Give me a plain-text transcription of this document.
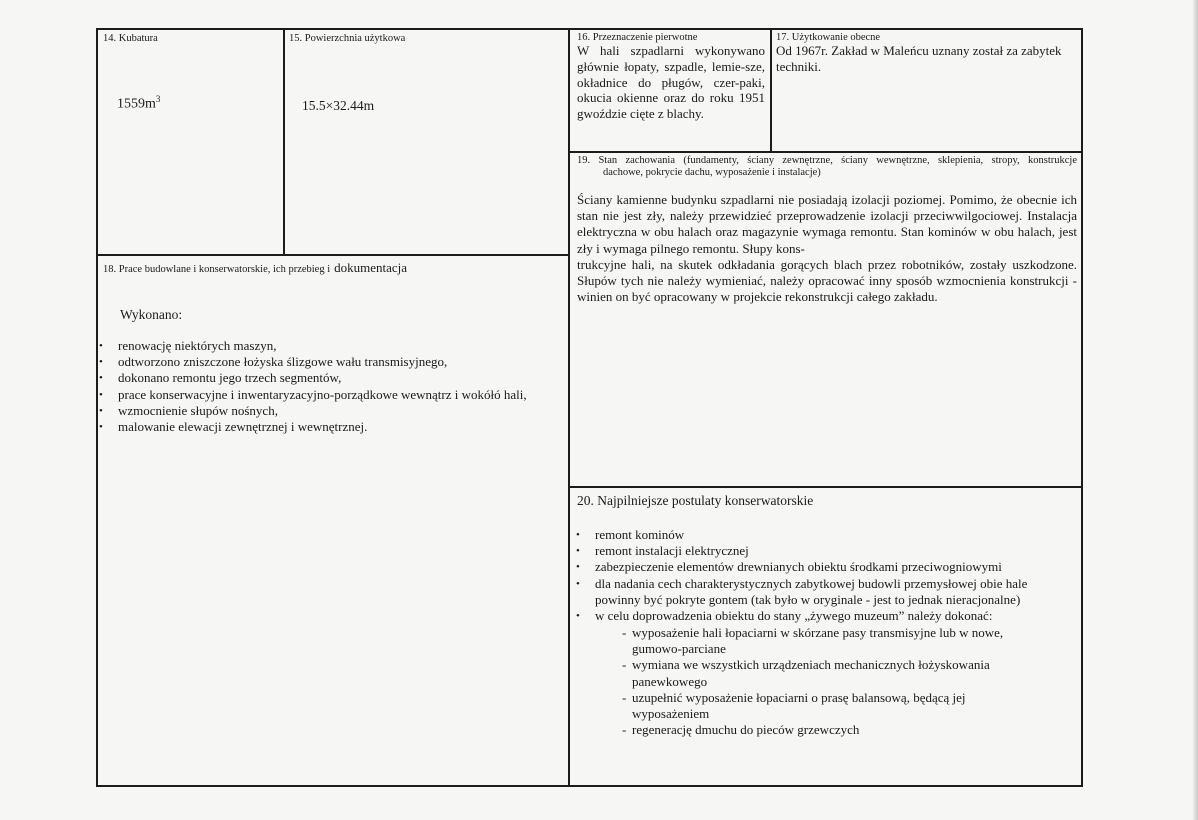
14. Kubatura
$1559m^3$
15. Powierzchnia użytkowa
15.5×32.44m
16. Przeznaczenie pierwotne
W hali szpadlarni wykonywano głównie łopaty, szpadle, lemie-sze, okładnice do pługów, czer-paki, okucia okienne oraz do roku 1951 gwoździe cięte z blachy.
17. Użytkowanie obecne
Od 1967r. Zakład w Maleńcu uznany został za zabytek techniki.
19. Stan zachowania (fundamenty, ściany zewnętrzne, ściany wewnętrzne, sklepienia, stropy, konstrukcje
dachowe, pokrycie dachu, wyposażenie i instalacje)
Ściany kamienne budynku szpadlarni nie posiadają izolacji poziomej. Pomimo, że obecnie ich stan nie jest zły, należy przewidzieć przeprowadzenie izolacji przeciwwilgociowej. Instalacja elektryczna w obu halach oraz magazynie wymaga remontu. Stan kominów w obu halach, jest zły i wymaga pilnego remontu. Słupy kons-
trukcyjne hali, na skutek odkładania gorących blach przez robotników, zostały uszkodzone. Słupów tych nie należy wymieniać, należy opracować inny sposób wzmocnienia konstrukcji - winien on być opracowany w projekcie rekonstrukcji całego zakładu.
18. Prace budowlane i konserwatorskie, ich przebieg i dokumentacja
Wykonano:
• renowację niektórych maszyn,
• odtworzono zniszczone łożyska ślizgowe wału transmisyjnego,
• dokonano remontu jego trzech segmentów,
• prace konserwacyjne i inwentaryzacyjno-porządkowe wewnątrz i wokółó hali,
• wzmocnienie słupów nośnych,
• malowanie elewacji zewnętrznej i wewnętrznej.
20. Najpilniejsze postulaty konserwatorskie
• remont kominów
• remont instalacji elektrycznej
• zabezpieczenie elementów drewnianych obiektu środkami przeciwogniowymi
• dla nadania cech charakterystycznych zabytkowej budowli przemysłowej obie hale powinny być pokryte gontem (tak było w oryginale - jest to jednak nieracjonalne)
• w celu doprowadzenia obiektu do stany „żywego muzeum” należy dokonać:
- wyposażenie hali łopaciarni w skórzane pasy transmisyjne lub w nowe, gumowo-parciane
- wymiana we wszystkich urządzeniach mechanicznych łożyskowania panewkowego
- uzupełnić wyposażenie łopaciarni o prasę balansową, będącą jej wyposażeniem
- regenerację dmuchu do pieców grzewczych
